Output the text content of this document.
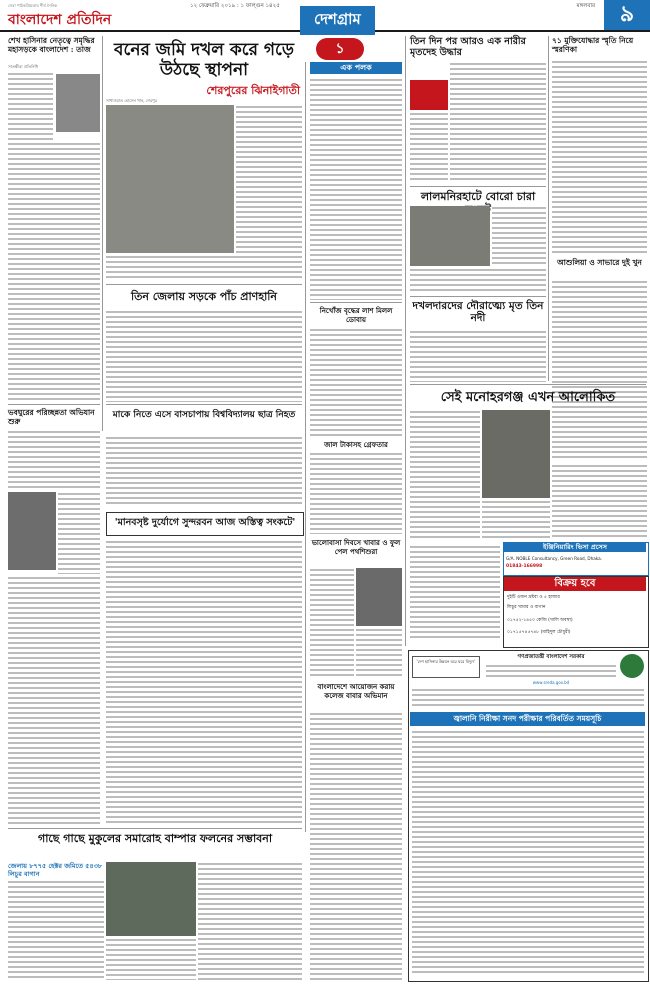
সেরা পাঠকপ্রিয়তায় শীর্ষ দৈনিক
বাংলাদেশ প্রতিদিন
১২ ফেব্রুয়ারি ২০১৯ : ১ ফাল্গুন ১৪২৫
দেশগ্রাম
মঙ্গলবার	৯
শেখ হাসিনার নেতৃত্বে সমৃদ্ধির মহাসড়কে বাংলাদেশ : তাজ
সাতক্ষীরা প্রতিনিধি
ভবঘুরের পরিচ্ছন্নতা অভিযান শুরু
বনের জমি দখল করে গড়ে উঠছে স্থাপনা
শেরপুরের ঝিনাইগাতী
সাখাওয়াত হোসেন খান, শেরপুর
তিন জেলায় সড়কে পাঁচ প্রাণহানি
মাকে নিতে এসে বাসচাপায় বিশ্ববিদ্যালয় ছাত্র নিহত
'মানবসৃষ্ট দুর্যোগে সুন্দরবন আজ অস্তিত্ব সংকটে'
গাছে গাছে মুকুলের সমারোহ বাম্পার ফলনের সম্ভাবনা
জেলায় ৮৭৭৫ হেক্টর জমিতে ৫৪৩৮ লিচুর বাগান
১
এক পলক
নিখোঁজ বৃদ্ধের লাশ মিলল ডোবায়
জাল টাকাসহ গ্রেফতার
ভালোবাসা দিবসে খাবার ও ফুল পেল পথশিশুরা
বাংলাদেশে আয়োজন করায় কলেজ বাবার অভিমান
তিন দিন পর আরও এক নারীর মৃতদেহ উদ্ধার
লালমনিরহাটে বোরো চারা
দখলদারদের দৌরাত্ম্যে মৃত তিন নদী
৭১ মুক্তিযোদ্ধার স্মৃতি নিয়ে স্মরণিকা
আশুলিয়া ও সাভারে দুই খুন
সেই মনোহরগঞ্জ এখন আলোকিত
ইঞ্জিনিয়ারিং ভিসা প্রসেস
G/A. NOBLE Consultancy, Green Road, Dhaka.
01843-166998
বিক্রয় হবে
দুইটি ওজন দ্রষ্টব্য ও ৫ হাজার
লিচুর খামার ও বাগান
০১৭৫২-১৪৫০ কেজি (খালি অবস্থা)
০১৭১৫৭৪৫৭৪৮ (মাহিদুল চৌধুরী)
'দেশ হাসিনার উন্নয়ন ঘরে ঘরে বিদ্যুৎ'
গণপ্রজাতন্ত্রী বাংলাদেশ সরকার
www.sreda.gov.bd
জ্বালানি নিরীক্ষা সনদ পরীক্ষার পরিবর্তিত সময়সূচি
